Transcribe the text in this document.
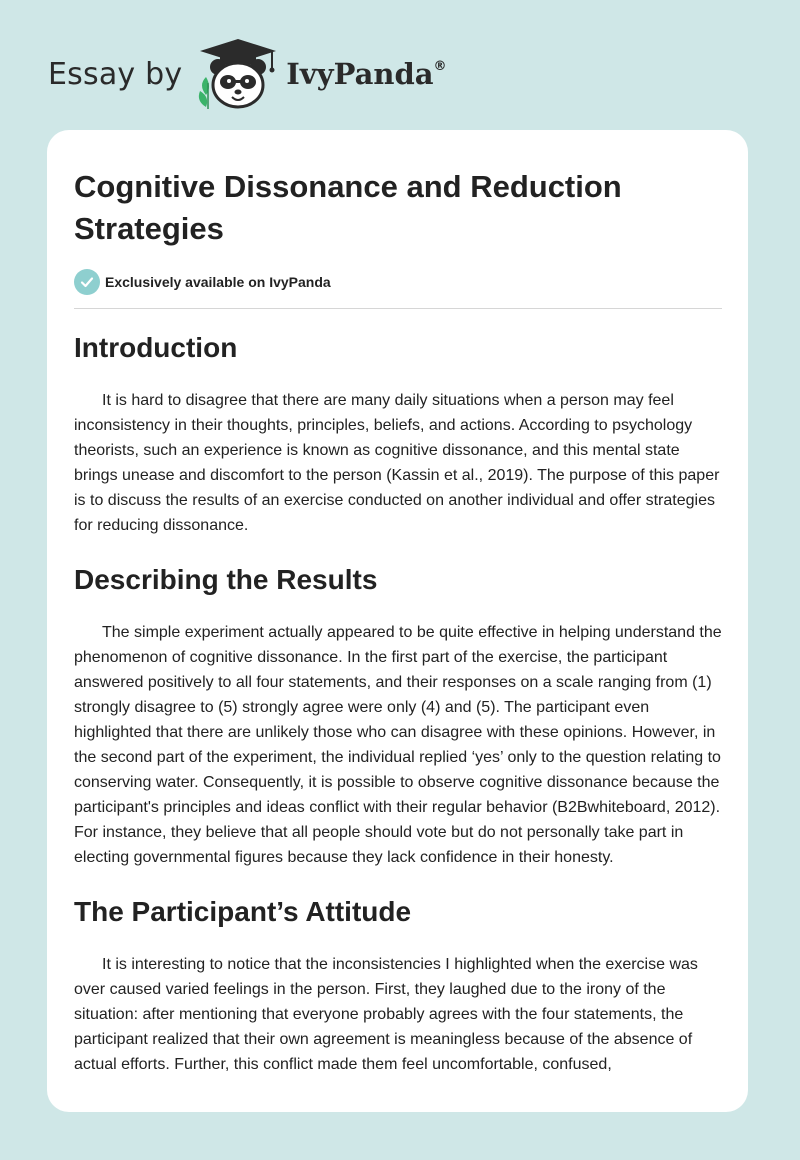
Essay by	IvyPanda®
Cognitive Dissonance and Reduction Strategies
Exclusively available on IvyPanda
Introduction

It is hard to disagree that there are many daily situations when a person may feel inconsistency in their thoughts, principles, beliefs, and actions. According to psychology theorists, such an experience is known as cognitive dissonance, and this mental state brings unease and discomfort to the person (Kassin et al., 2019). The purpose of this paper is to discuss the results of an exercise conducted on another individual and offer strategies for reducing dissonance.

Describing the Results

The simple experiment actually appeared to be quite effective in helping understand the phenomenon of cognitive dissonance. In the first part of the exercise, the participant answered positively to all four statements, and their responses on a scale ranging from (1) strongly disagree to (5) strongly agree were only (4) and (5). The participant even highlighted that there are unlikely those who can disagree with these opinions. However, in the second part of the experiment, the individual replied ‘yes’ only to the question relating to conserving water. Consequently, it is possible to observe cognitive dissonance because the participant's principles and ideas conflict with their regular behavior (B2Bwhiteboard, 2012). For instance, they believe that all people should vote but do not personally take part in electing governmental figures because they lack confidence in their honesty.

The Participant’s Attitude

It is interesting to notice that the inconsistencies I highlighted when the exercise was over caused varied feelings in the person. First, they laughed due to the irony of the situation: after mentioning that everyone probably agrees with the four statements, the participant realized that their own agreement is meaningless because of the absence of actual efforts. Further, this conflict made them feel uncomfortable, confused,
